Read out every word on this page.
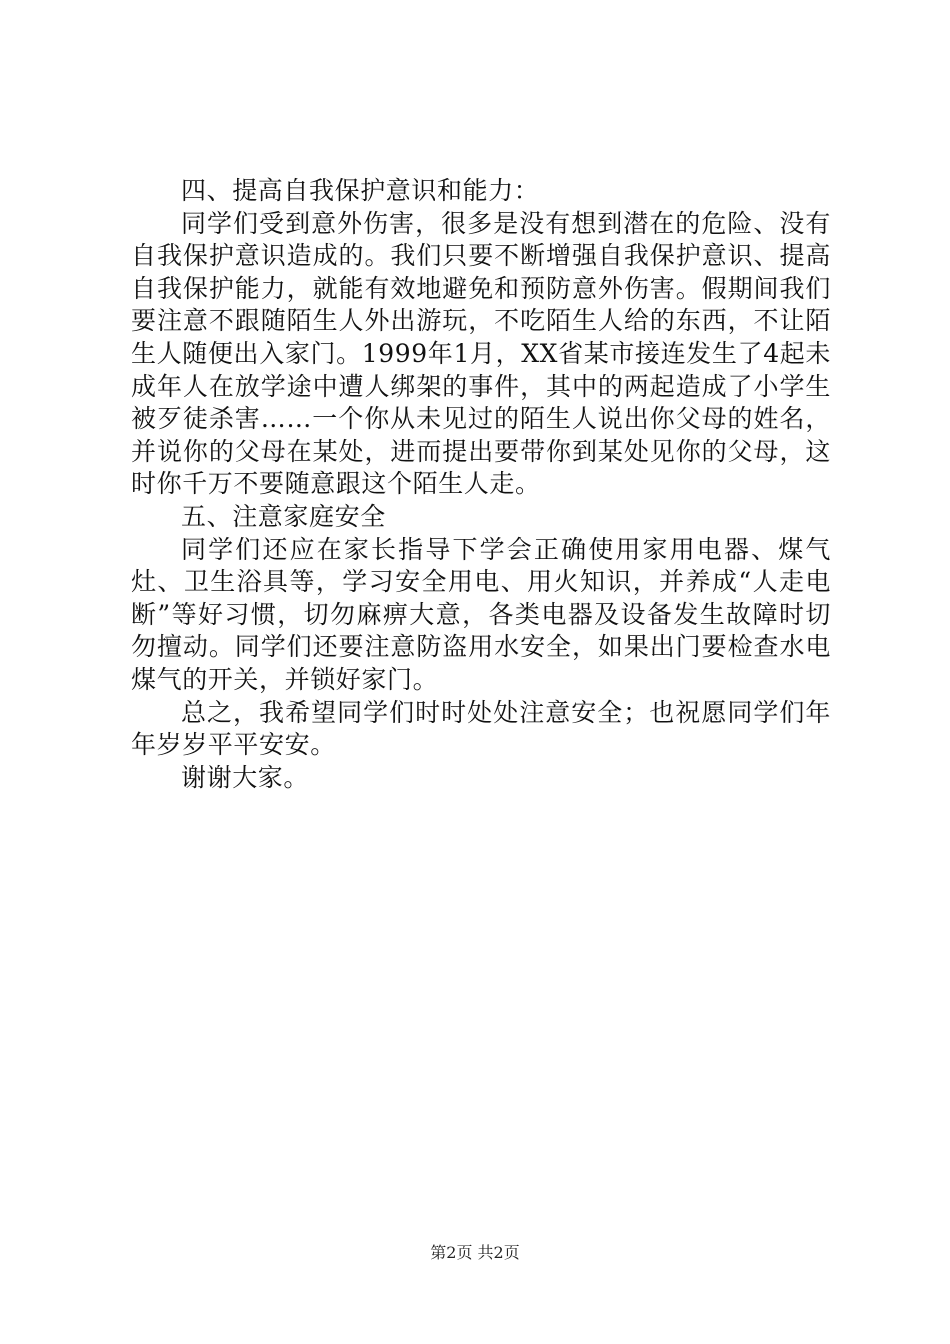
四、提高自我保护意识和能力：

同学们受到意外伤害，很多是没有想到潜在的危险、没有自我保护意识造成的。我们只要不断增强自我保护意识、提高自我保护能力，就能有效地避免和预防意外伤害。假期间我们要注意不跟随陌生人外出游玩，不吃陌生人给的东西，不让陌生人随便出入家门。1999年1月，XX省某市接连发生了4起未成年人在放学途中遭人绑架的事件，其中的两起造成了小学生被歹徒杀害……一个你从未见过的陌生人说出你父母的姓名，并说你的父母在某处，进而提出要带你到某处见你的父母，这时你千万不要随意跟这个陌生人走。

五、注意家庭安全

同学们还应在家长指导下学会正确使用家用电器、煤气灶、卫生浴具等，学习安全用电、用火知识，并养成“人走电断”等好习惯，切勿麻痹大意，各类电器及设备发生故障时切勿擅动。同学们还要注意防盗用水安全，如果出门要检查水电煤气的开关，并锁好家门。

总之，我希望同学们时时处处注意安全；也祝愿同学们年年岁岁平平安安。

谢谢大家。

第2页 共2页
